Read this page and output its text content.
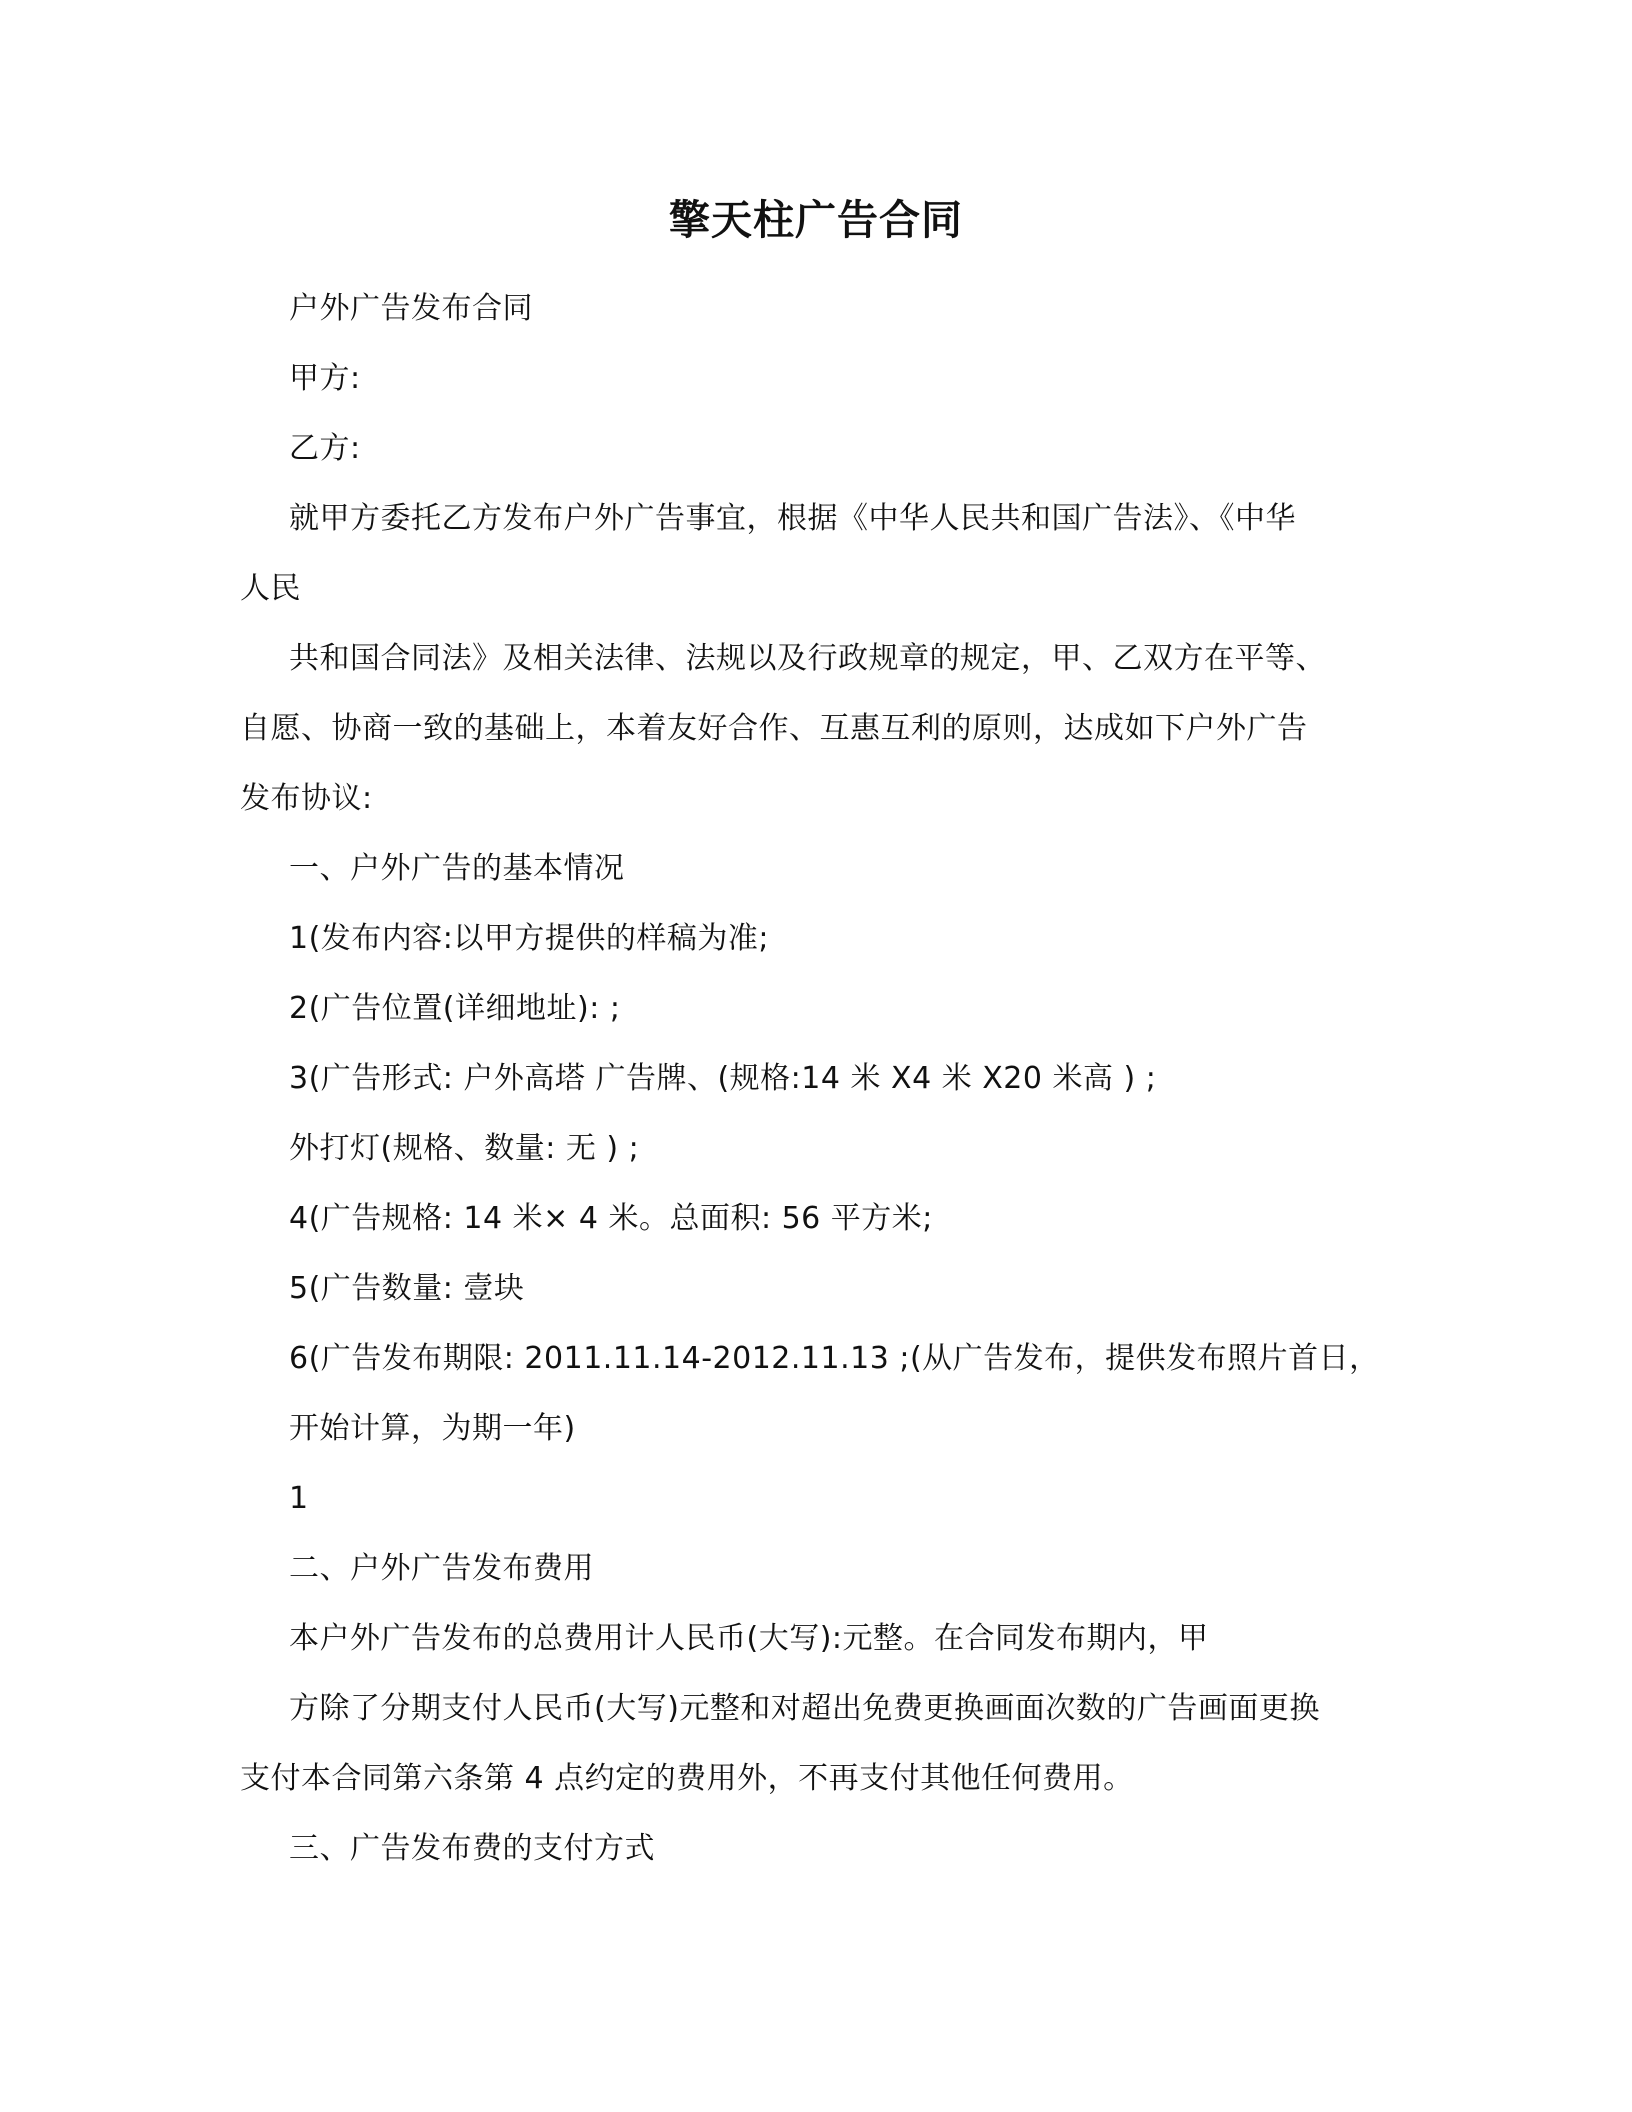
擎天柱广告合同
户外广告发布合同
甲方:
乙方:
就甲方委托乙方发布户外广告事宜，根据《中华人民共和国广告法》、《中华
人民
共和国合同法》及相关法律、法规以及行政规章的规定，甲、乙双方在平等、
自愿、协商一致的基础上，本着友好合作、互惠互利的原则，达成如下户外广告
发布协议:
一、户外广告的基本情况
1(发布内容:以甲方提供的样稿为准;
2(广告位置(详细地址): ;
3(广告形式: 户外高塔 广告牌、(规格:14 米 X4 米 X20 米高 ) ;
外打灯(规格、数量: 无 ) ;
4(广告规格: 14 米× 4 米。总面积: 56 平方米;
5(广告数量: 壹块
6(广告发布期限: 2011.11.14-2012.11.13 ;(从广告发布，提供发布照片首日，
开始计算，为期一年)
1
二、户外广告发布费用
本户外广告发布的总费用计人民币(大写):元整。在合同发布期内，甲
方除了分期支付人民币(大写)元整和对超出免费更换画面次数的广告画面更换
支付本合同第六条第 4 点约定的费用外，不再支付其他任何费用。
三、广告发布费的支付方式
